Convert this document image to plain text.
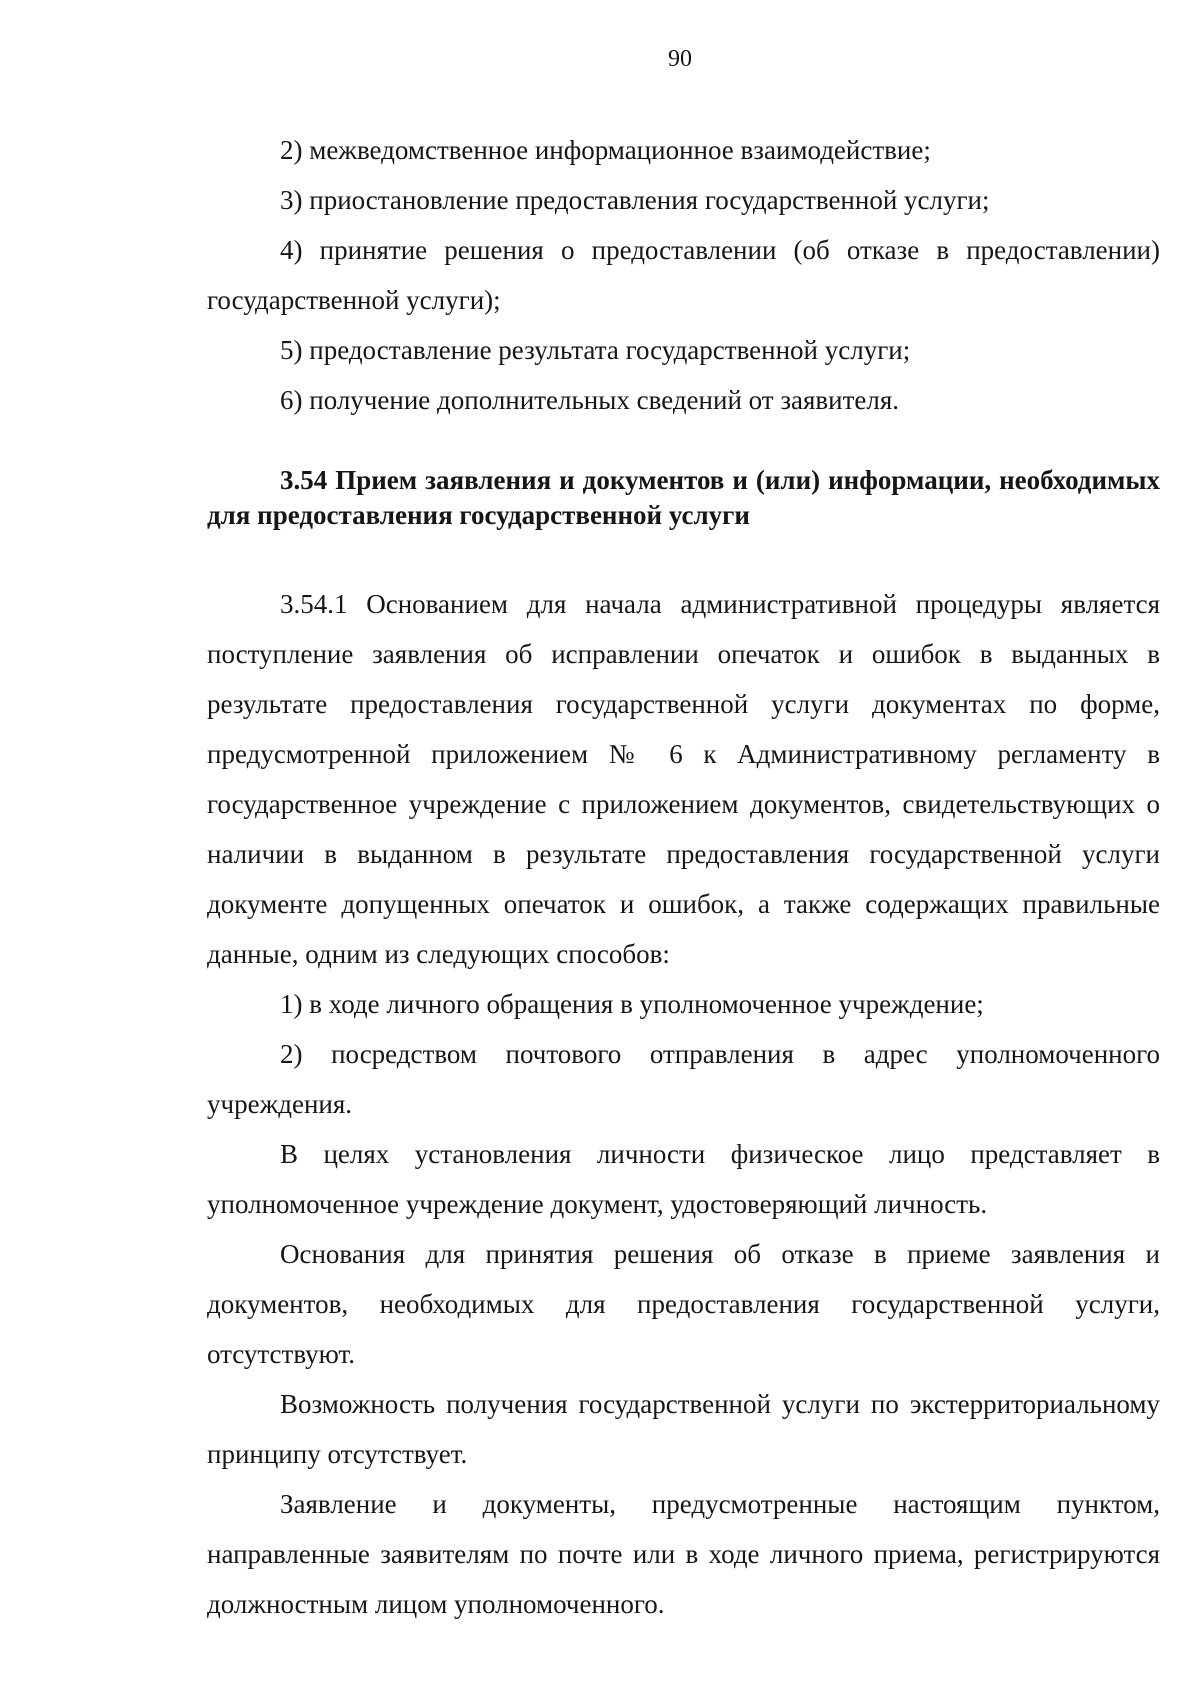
90

2) межведомственное информационное взаимодействие;

3) приостановление предоставления государственной услуги;

4) принятие решения о предоставлении (об отказе в предоставлении) государственной услуги);

5) предоставление результата государственной услуги;

6) получение дополнительных сведений от заявителя.

3.54 Прием заявления и документов и (или) информации, необходимых для предоставления государственной услуги

3.54.1 Основанием для начала административной процедуры является поступление заявления об исправлении опечаток и ошибок в выданных в результате предоставления государственной услуги документах по форме, предусмотренной приложением № 6 к Административному регламенту в государственное учреждение с приложением документов, свидетельствующих о наличии в выданном в результате предоставления государственной услуги документе допущенных опечаток и ошибок, а также содержащих правильные данные, одним из следующих способов:

1) в ходе личного обращения в уполномоченное учреждение;

2) посредством почтового отправления в адрес уполномоченного учреждения.

В целях установления личности физическое лицо представляет в уполномоченное учреждение документ, удостоверяющий личность.

Основания для принятия решения об отказе в приеме заявления и документов, необходимых для предоставления государственной услуги, отсутствуют.

Возможность получения государственной услуги по экстерриториальному принципу отсутствует.

Заявление и документы, предусмотренные настоящим пунктом, направленные заявителям по почте или в ходе личного приема, регистрируются должностным лицом уполномоченного.
